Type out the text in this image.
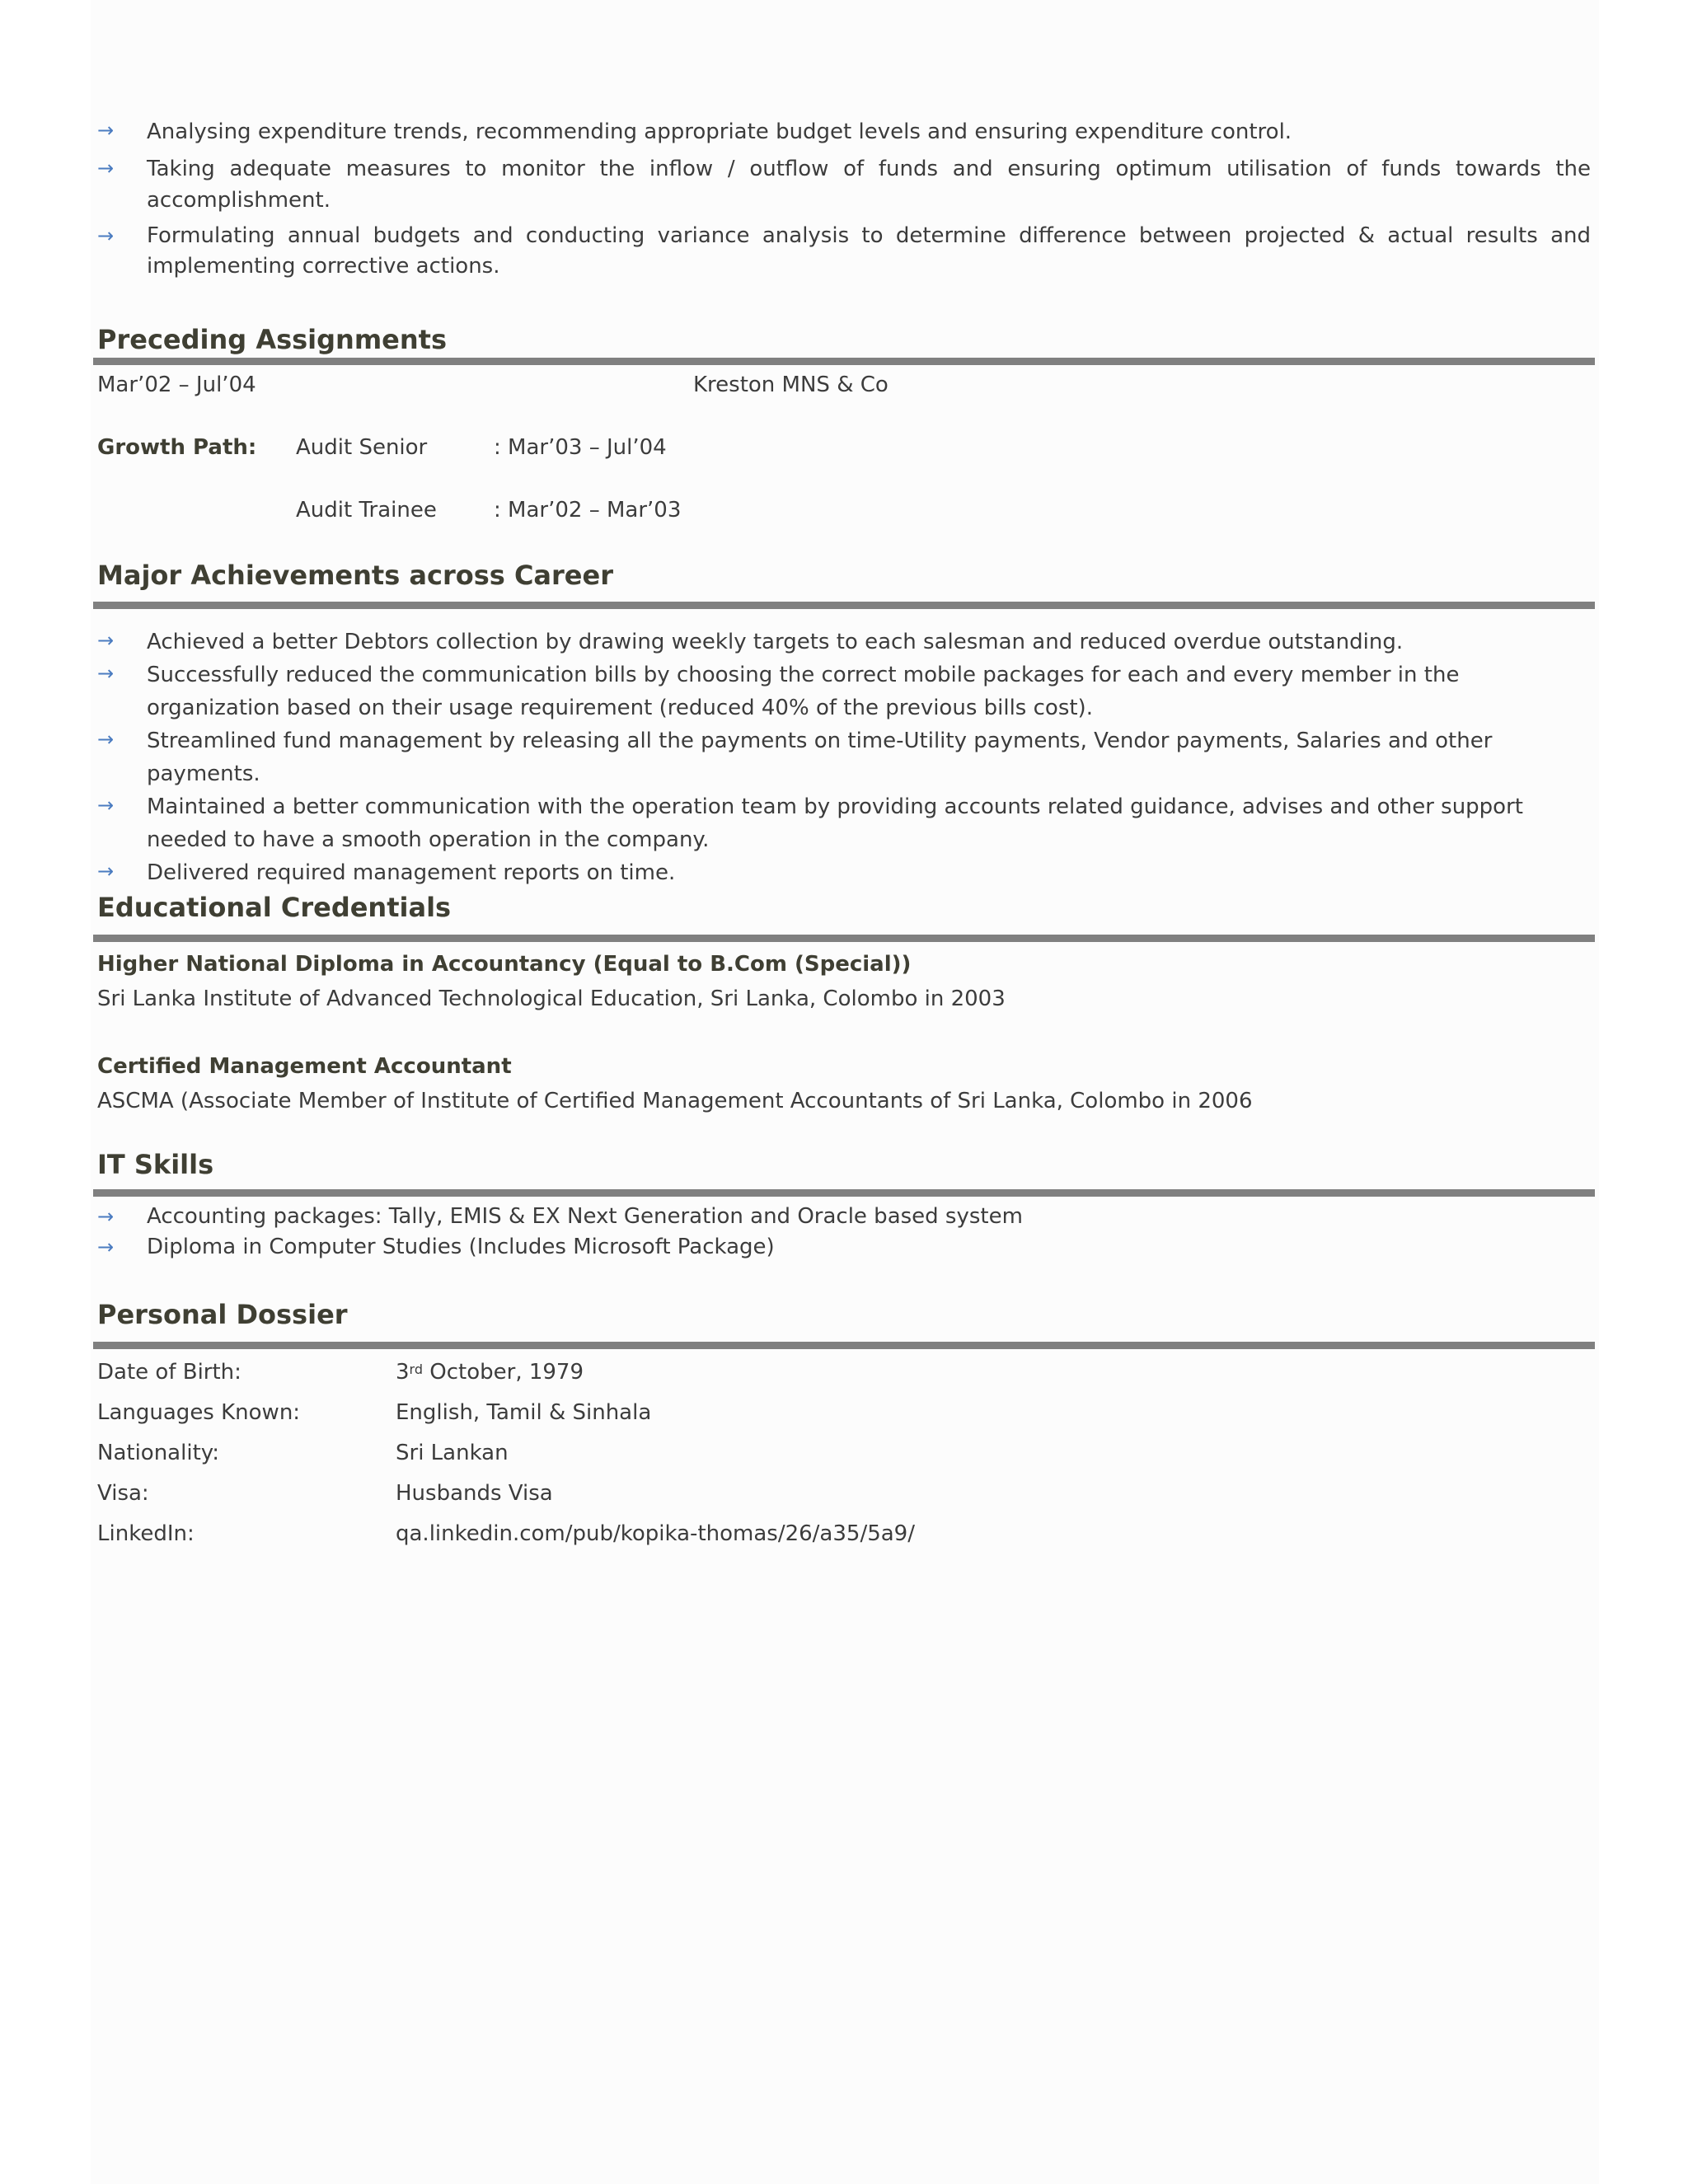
→	Analysing expenditure trends, recommending appropriate budget levels and ensuring expenditure control.
→	Taking adequate measures to monitor the inflow / outflow of funds and ensuring optimum utilisation of funds towards the accomplishment.
→	Formulating annual budgets and conducting variance analysis to determine difference between projected & actual results and implementing corrective actions.
Preceding Assignments
Mar’02 – Jul’04	Kreston MNS & Co
Growth Path: Audit Senior	: Mar’03 – Jul’04
Audit Trainee	: Mar’02 – Mar’03
Major Achievements across Career
→	Achieved a better Debtors collection by drawing weekly targets to each salesman and reduced overdue outstanding.
→	Successfully reduced the communication bills by choosing the correct mobile packages for each and every member in the organization based on their usage requirement (reduced 40% of the previous bills cost).
→	Streamlined fund management by releasing all the payments on time-Utility payments, Vendor payments, Salaries and other payments.
→	Maintained a better communication with the operation team by providing accounts related guidance, advises and other support needed to have a smooth operation in the company.
→	Delivered required management reports on time.
Educational Credentials
Higher National Diploma in Accountancy (Equal to B.Com (Special))
Sri Lanka Institute of Advanced Technological Education, Sri Lanka, Colombo in 2003
Certified Management Accountant
ASCMA (Associate Member of Institute of Certified Management Accountants of Sri Lanka, Colombo in 2006
IT Skills
→	Accounting packages: Tally, EMIS & EX Next Generation and Oracle based system
→	Diploma in Computer Studies (Includes Microsoft Package)
Personal Dossier
Date of Birth:	3rd October, 1979
Languages Known:	English, Tamil & Sinhala
Nationality:	Sri Lankan
Visa:	Husbands Visa
LinkedIn:	qa.linkedin.com/pub/kopika-thomas/26/a35/5a9/
